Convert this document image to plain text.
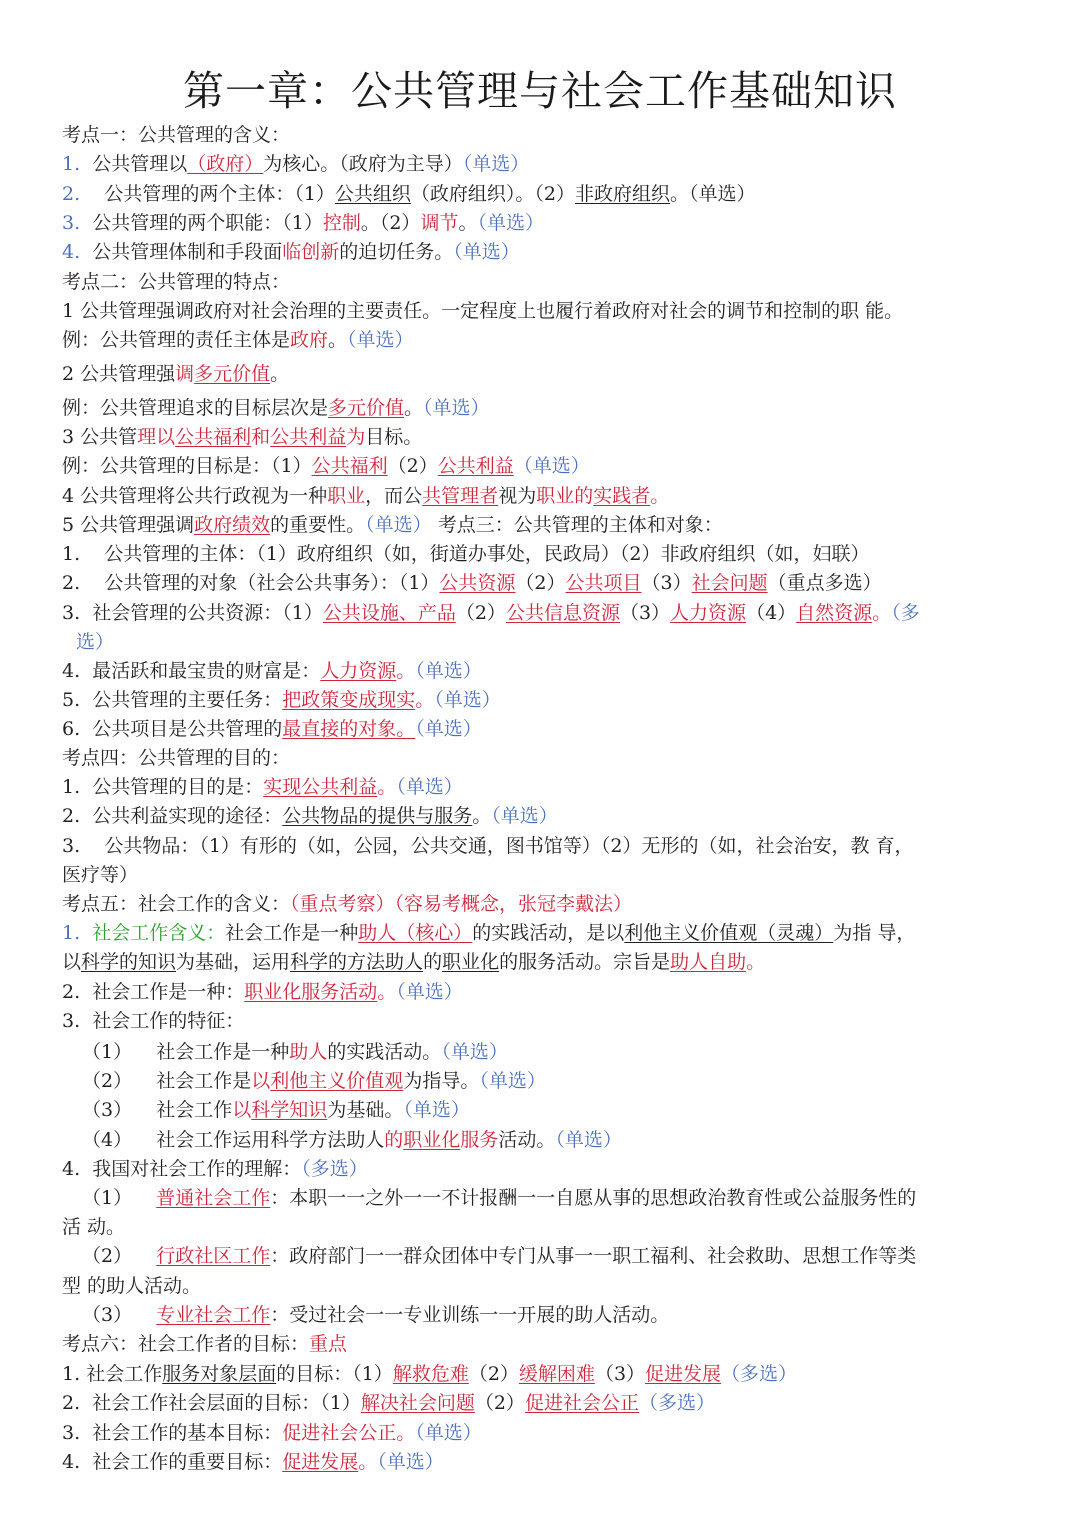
第一章：公共管理与社会工作基础知识
考点一：公共管理的含义：
1. 公共管理以（政府）为核心。（政府为主导）（单选）
2. 公共管理的两个主体：（1）公共组织（政府组织）。（2）非政府组织。（单选）
3. 公共管理的两个职能：（1）控制。（2）调节。（单选）
4. 公共管理体制和手段面临创新的迫切任务。（单选）
考点二：公共管理的特点：
1 公共管理强调政府对社会治理的主要责任。一定程度上也履行着政府对社会的调节和控制的职 能。
例：公共管理的责任主体是政府。（单选）
2 公共管理强调多元价值。
例：公共管理追求的目标层次是多元价值。（单选）
3 公共管理以公共福利和公共利益为目标。
例：公共管理的目标是：（1）公共福利（2）公共利益（单选）
4 公共管理将公共行政视为一种职业，而公共管理者视为职业的实践者。
5 公共管理强调政府绩效的重要性。（单选） 考点三：公共管理的主体和对象：
1. 公共管理的主体：（1）政府组织（如，街道办事处，民政局）（2）非政府组织（如，妇联）
2. 公共管理的对象（社会公共事务）：（1）公共资源（2）公共项目（3）社会问题（重点多选）
3. 社会管理的公共资源：（1）公共设施、产品（2）公共信息资源（3）人力资源（4）自然资源。（多
选）
4. 最活跃和最宝贵的财富是：人力资源。（单选）
5. 公共管理的主要任务：把政策变成现实。（单选）
6. 公共项目是公共管理的最直接的对象。（单选）
考点四：公共管理的目的：
1. 公共管理的目的是：实现公共利益。（单选）
2. 公共利益实现的途径：公共物品的提供与服务。（单选）
3. 公共物品：（1）有形的（如，公园，公共交通，图书馆等）（2）无形的（如，社会治安，教 育，
医疗等）
考点五：社会工作的含义：（重点考察）（容易考概念，张冠李戴法）
1. 社会工作含义：社会工作是一种助人（核心）的实践活动，是以利他主义价值观（灵魂）为指 导，
以科学的知识为基础，运用科学的方法助人的职业化的服务活动。宗旨是助人自助。
2. 社会工作是一种：职业化服务活动。（单选）
3. 社会工作的特征：
（1） 社会工作是一种助人的实践活动。（单选）
（2） 社会工作是以利他主义价值观为指导。（单选）
（3） 社会工作以科学知识为基础。（单选）
（4） 社会工作运用科学方法助人的职业化服务活动。（单选）
4. 我国对社会工作的理解：（多选）
（1） 普通社会工作：本职一一之外一一不计报酬一一自愿从事的思想政治教育性或公益服务性的
活 动。
（2） 行政社区工作：政府部门一一群众团体中专门从事一一职工福利、社会救助、思想工作等类
型 的助人活动。
（3） 专业社会工作：受过社会一一专业训练一一开展的助人活动。
考点六：社会工作者的目标：重点
1. 社会工作服务对象层面的目标：（1）解救危难（2）缓解困难（3）促进发展（多选）
2. 社会工作社会层面的目标：（1）解决社会问题（2）促进社会公正（多选）
3. 社会工作的基本目标：促进社会公正。（单选）
4. 社会工作的重要目标：促进发展。（单选）
